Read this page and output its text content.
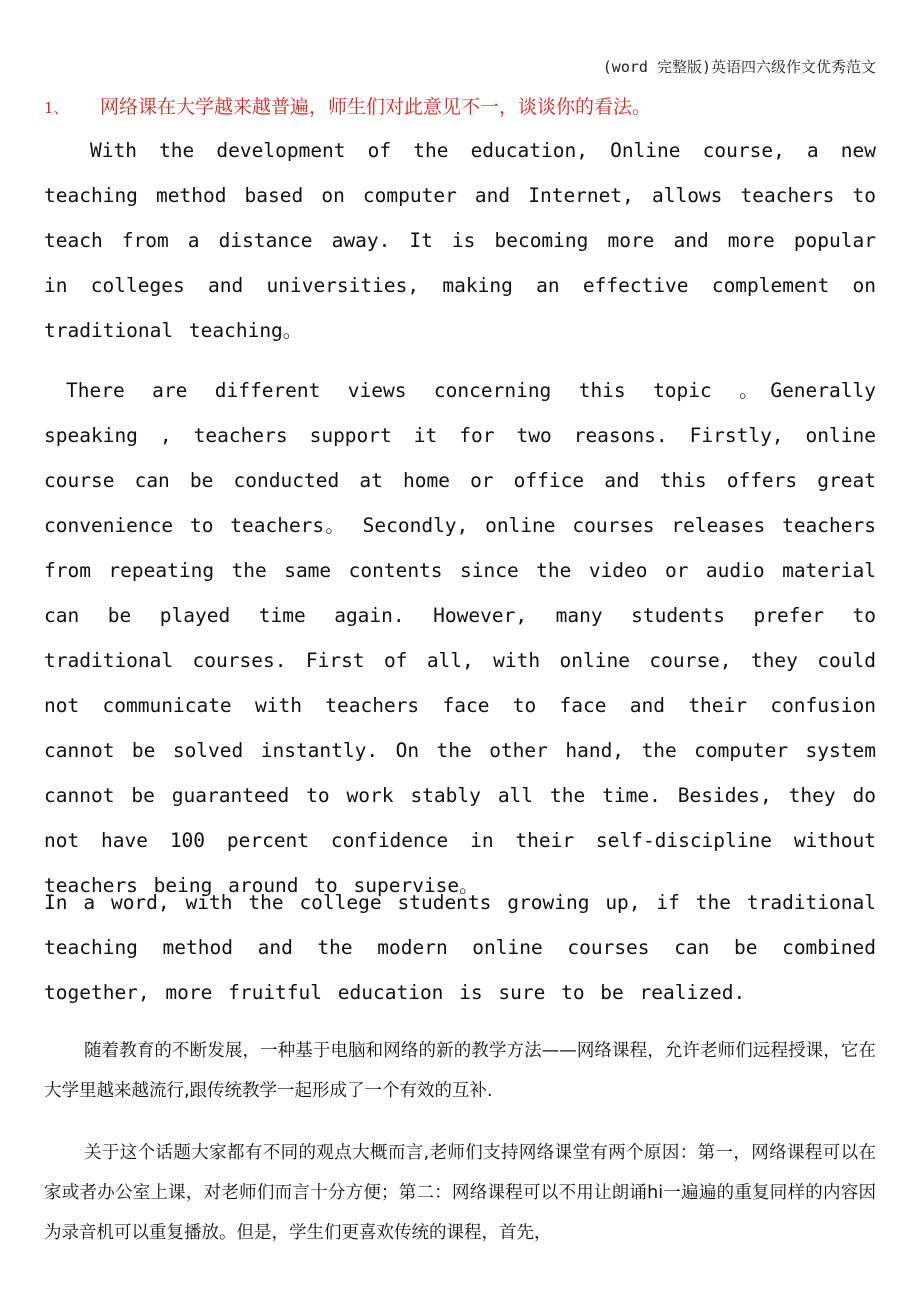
(word 完整版)英语四六级作文优秀范文
1、 网络课在大学越来越普遍，师生们对此意见不一，谈谈你的看法。

With the development of the education, Online course, a new teaching method based on computer and Internet, allows teachers to teach from a distance away. It is becoming more and more popular in colleges and universities, making an effective complement on traditional teaching。

There are different views concerning this topic 。Generally speaking , teachers support it for two reasons. Firstly, online course can be conducted at home or office and this offers great convenience to teachers。 Secondly, online courses releases teachers from repeating the same contents since the video or audio material can be played time again. However, many students prefer to traditional courses. First of all, with online course, they could not communicate with teachers face to face and their confusion cannot be solved instantly. On the other hand, the computer system cannot be guaranteed to work stably all the time. Besides, they do not have 100 percent confidence in their self-discipline without teachers being around to supervise。

In a word, with the college students growing up, if the traditional teaching method and the modern online courses can be combined together, more fruitful education is sure to be realized.

随着教育的不断发展，一种基于电脑和网络的新的教学方法——网络课程，允许老师们远程授课，它在大学里越来越流行,跟传统教学一起形成了一个有效的互补.

关于这个话题大家都有不同的观点大概而言,老师们支持网络课堂有两个原因：第一，网络课程可以在家或者办公室上课，对老师们而言十分方便；第二：网络课程可以不用让朗诵hi一遍遍的重复同样的内容因为录音机可以重复播放。但是，学生们更喜欢传统的课程，首先，
